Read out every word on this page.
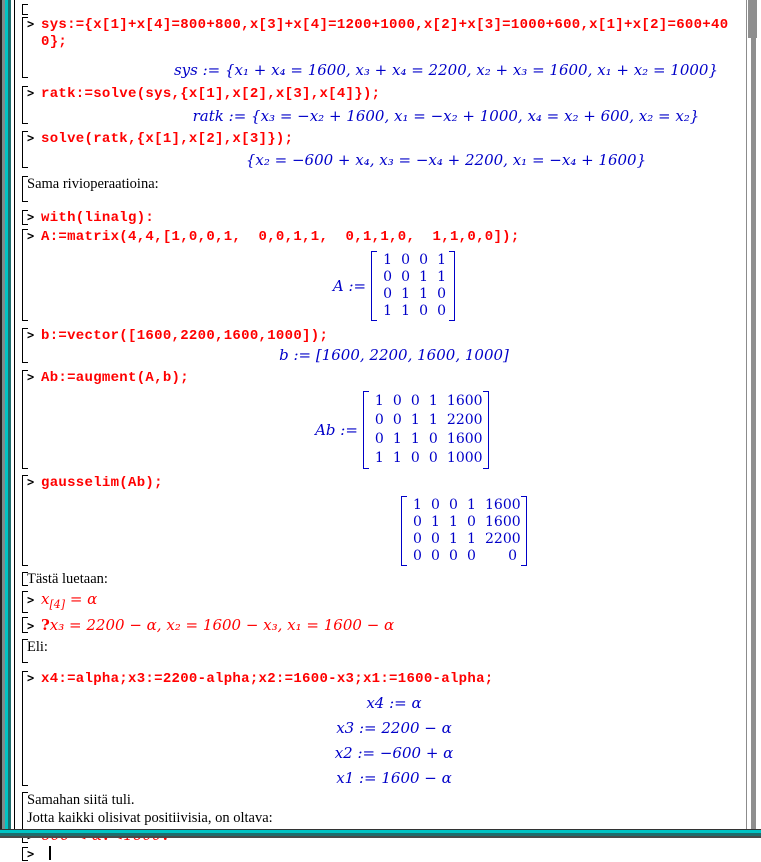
> sys:={x[1]+x[4]=800+800,x[3]+x[4]=1200+1000,x[2]+x[3]=1000+600,x[1]+x[2]=600+40
0};
sys := {x₁ + x₄ = 1600, x₃ + x₄ = 2200, x₂ + x₃ = 1600, x₁ + x₂ = 1000}
> ratk:=solve(sys,{x[1],x[2],x[3],x[4]});
ratk := {x₃ = −x₂ + 1600, x₁ = −x₂ + 1000, x₄ = x₂ + 600, x₂ = x₂}
> solve(ratk,{x[1],x[2],x[3]});
{x₂ = −600 + x₄, x₃ = −x₄ + 2200, x₁ = −x₄ + 1600}
Sama rivioperaatioina:
> with(linalg):
> A:=matrix(4,4,[1,0,0,1,  0,0,1,1,  0,1,1,0,  1,1,0,0]);
A :=
1 0 0 1
0 0 1 1
0 1 1 0
1 1 0 0
> b:=vector([1600,2200,1600,1000]);
b := [1600, 2200, 1600, 1000]
> Ab:=augment(A,b);
Ab :=
1 0 0 1 1600
0 0 1 1 2200
0 1 1 0 1600
1 1 0 0 1000
> gausselim(Ab);
1 0 0 1 1600
0 1 1 0 1600
0 0 1 1 2200
0 0 0 0 0
Tästä luetaan:
> $x_{[4]} = \alpha$
> ?x₃ = 2200 − α, x₂ = 1600 − x₃, x₁ = 1600 − α
Eli:
> x4:=alpha;x3:=2200-alpha;x2:=1600-x3;x1:=1600-alpha;
x4 := α
x3 := 2200 − α
x2 := −600 + α
x1 := 1600 − α
Samahan siitä tuli.
Jotta kaikki olisivat positiivisia, on oltava:
>
